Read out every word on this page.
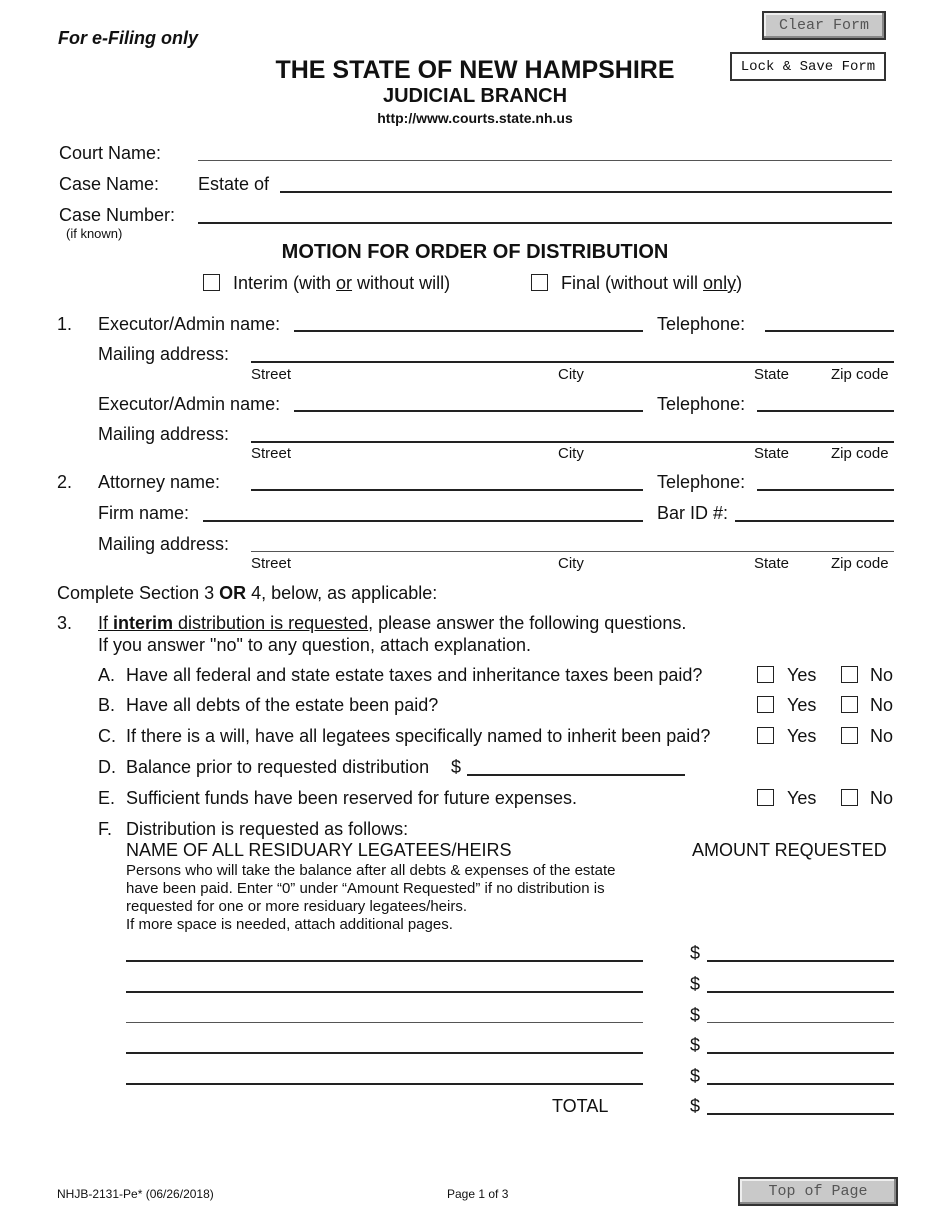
For e-Filing only
THE STATE OF NEW HAMPSHIRE
JUDICIAL BRANCH
http://www.courts.state.nh.us
Clear Form
Lock & Save Form
Court Name:
Case Name: Estate of
Case Number:
(if known)
MOTION FOR ORDER OF DISTRIBUTION
Interim (with or without will)	Final (without will only)
1. Executor/Admin name:	Telephone:
Mailing address:
Street	City	State	Zip code
Executor/Admin name:	Telephone:
Mailing address:
Street	City	State	Zip code
2. Attorney name:	Telephone:
Firm name:	Bar ID #:
Mailing address:
Street	City	State	Zip code
Complete Section 3 OR 4, below, as applicable:
3. If interim distribution is requested, please answer the following questions.
If you answer "no" to any question, attach explanation.
A. Have all federal and state estate taxes and inheritance taxes been paid?	Yes	No
B. Have all debts of the estate been paid?	Yes	No
C. If there is a will, have all legatees specifically named to inherit been paid?	Yes	No
D. Balance prior to requested distribution $
E. Sufficient funds have been reserved for future expenses.	Yes	No
F. Distribution is requested as follows:
NAME OF ALL RESIDUARY LEGATEES/HEIRS	AMOUNT REQUESTED
Persons who will take the balance after all debts & expenses of the estate
have been paid. Enter “0” under “Amount Requested” if no distribution is
requested for one or more residuary legatees/heirs.
If more space is needed, attach additional pages.
$
$
$
$
$
TOTAL	$
NHJB-2131-Pe* (06/26/2018)	Page 1 of 3	Top of Page
